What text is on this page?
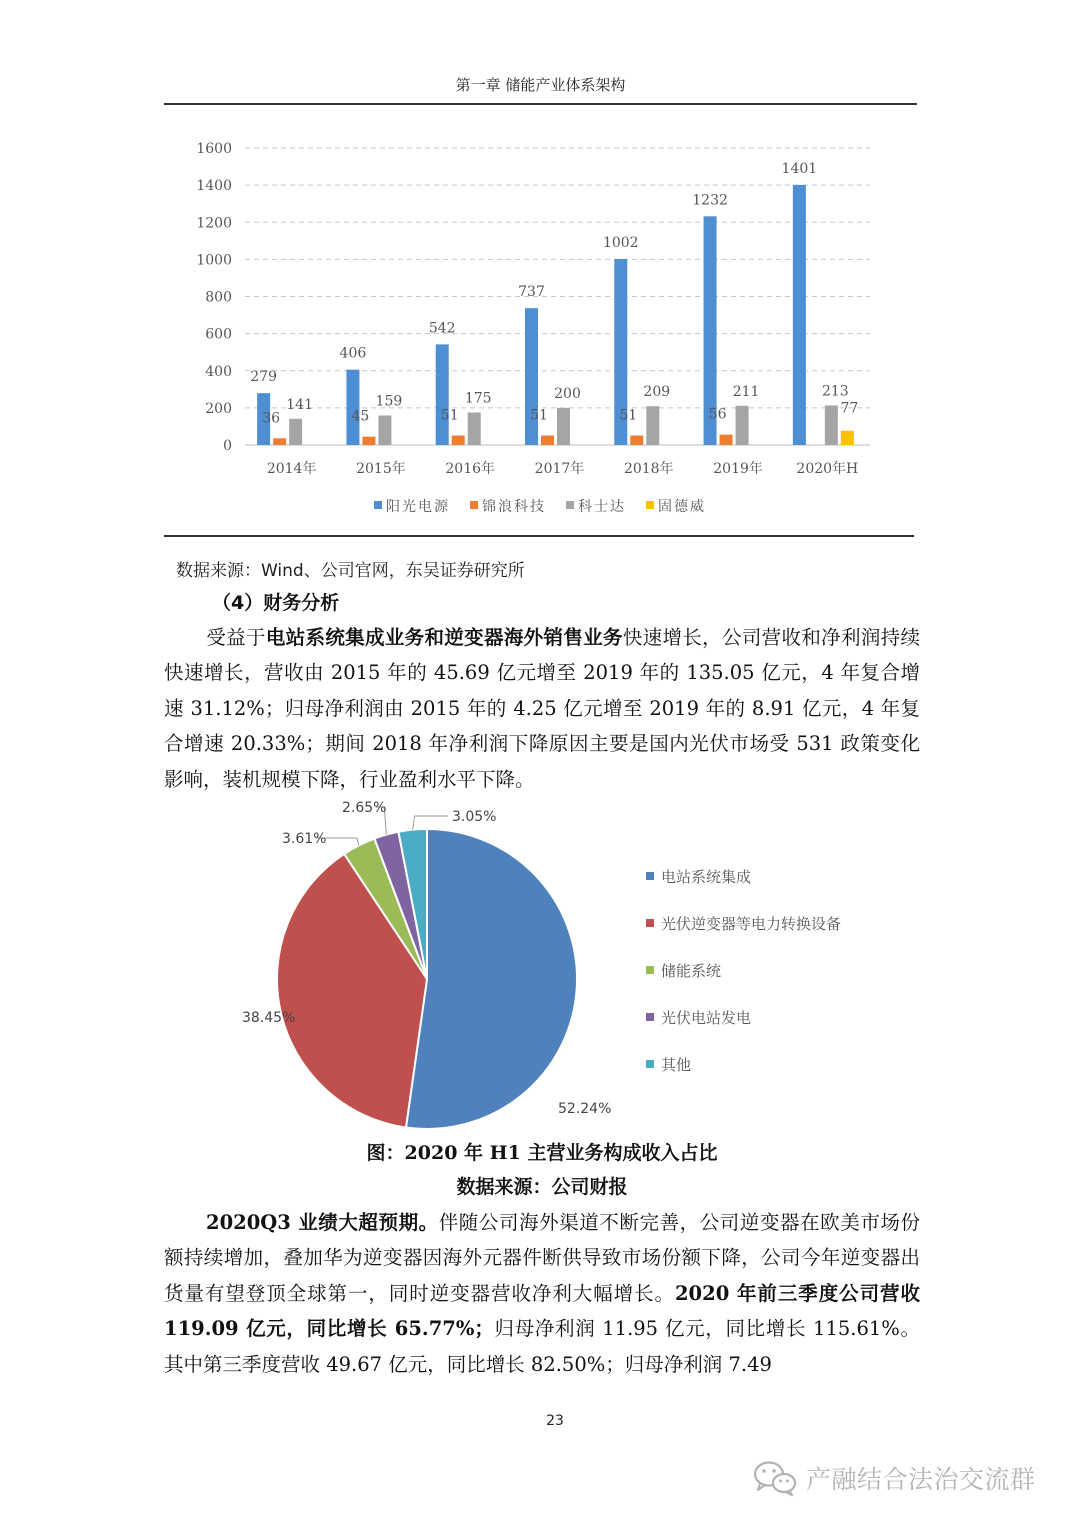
第一章 储能产业体系架构
0
200
400
600
800
1000
1200
1400
1600
2014年
279
36
141
2015年
406
45
159
2016年
542
51
175
2017年
737
51
200
2018年
1002
51
209
2019年
1232
56
211
2020年H
1401
213
77
阳光电源 锦浪科技 科士达 固德威
数据来源：Wind、公司官网，东吴证券研究所
（4）财务分析
受益于电站系统集成业务和逆变器海外销售业务快速增长，公司营收和净利润持续快速增长，营收由 2015 年的 45.69 亿元增至 2019 年的 135.05 亿元，4 年复合增速 31.12%；归母净利润由 2015 年的 4.25 亿元增至 2019 年的 8.91 亿元，4 年复合增速 20.33%；期间 2018 年净利润下降原因主要是国内光伏市场受 531 政策变化影响，装机规模下降，行业盈利水平下降。
52.24%
38.45%
3.61%
2.65%
3.05%
电站系统集成
光伏逆变器等电力转换设备
储能系统
光伏电站发电
其他
图：2020 年 H1 主营业务构成收入占比
数据来源：公司财报
2020Q3 业绩大超预期。伴随公司海外渠道不断完善，公司逆变器在欧美市场份额持续增加，叠加华为逆变器因海外元器件断供导致市场份额下降，公司今年逆变器出货量有望登顶全球第一，同时逆变器营收净利大幅增长。2020 年前三季度公司营收 119.09 亿元，同比增长 65.77%；归母净利润 11.95 亿元，同比增长 115.61%。其中第三季度营收 49.67 亿元，同比增长 82.50%；归母净利润 7.49
23
产融结合法治交流群
